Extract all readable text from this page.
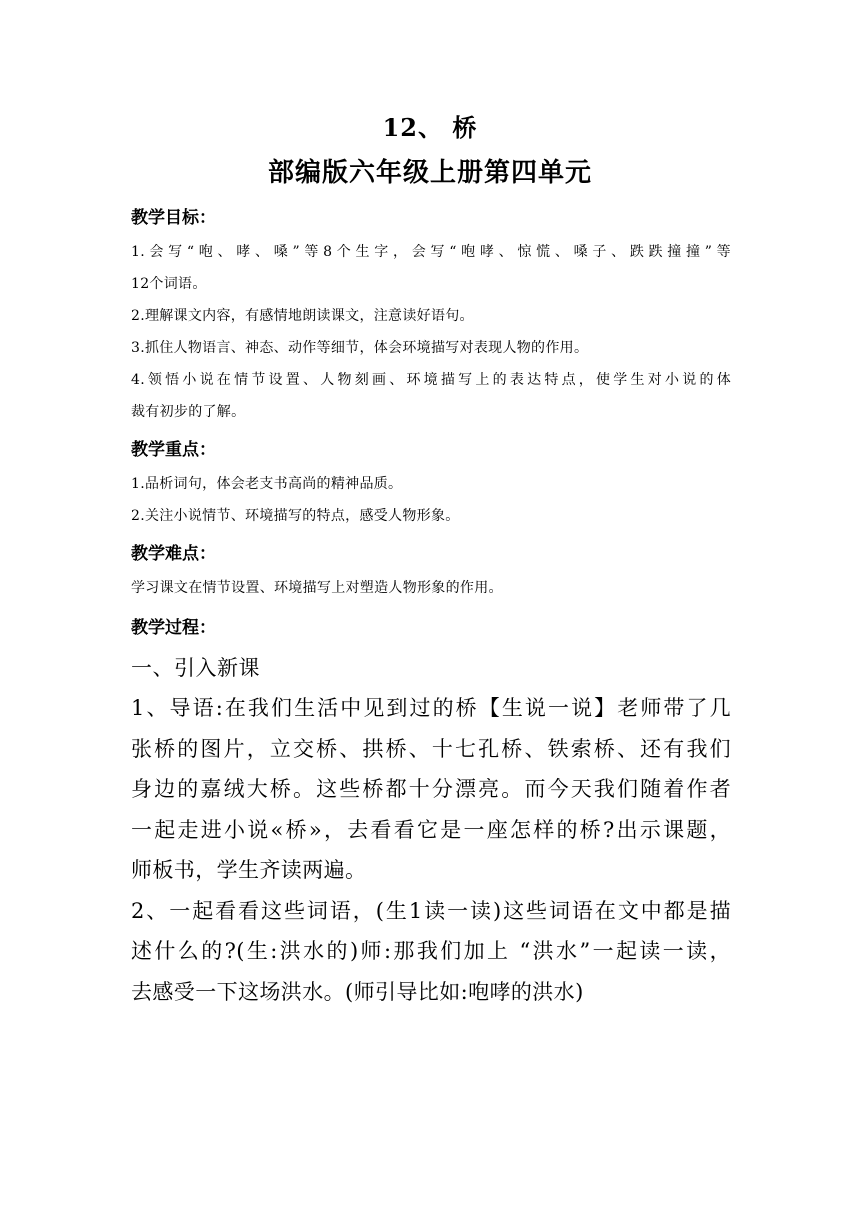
12、 桥
部编版六年级上册第四单元
教学目标：
1.会写“咆、哮、嗓”等8个生字，会写“咆哮、惊慌、嗓子、跌跌撞撞”等
12个词语。
2.理解课文内容，有感情地朗读课文，注意读好语句。
3.抓住人物语言、神态、动作等细节，体会环境描写对表现人物的作用。
4.领悟小说在情节设置、人物刻画、环境描写上的表达特点，使学生对小说的体
裁有初步的了解。
教学重点：
1.品析词句，体会老支书高尚的精神品质。
2.关注小说情节、环境描写的特点，感受人物形象。
教学难点：
学习课文在情节设置、环境描写上对塑造人物形象的作用。
教学过程：
一、引入新课
1、导语:在我们生活中见到过的桥【生说一说】老师带了几
张桥的图片，立交桥、拱桥、十七孔桥、铁索桥、还有我们
身边的嘉绒大桥。这些桥都十分漂亮。而今天我们随着作者
一起走进小说«桥»，去看看它是一座怎样的桥?出示课题，
师板书，学生齐读两遍。
2、一起看看这些词语，(生1读一读)这些词语在文中都是描
述什么的?(生:洪水的)师:那我们加上 “洪水”一起读一读，
去感受一下这场洪水。(师引导比如:咆哮的洪水)
